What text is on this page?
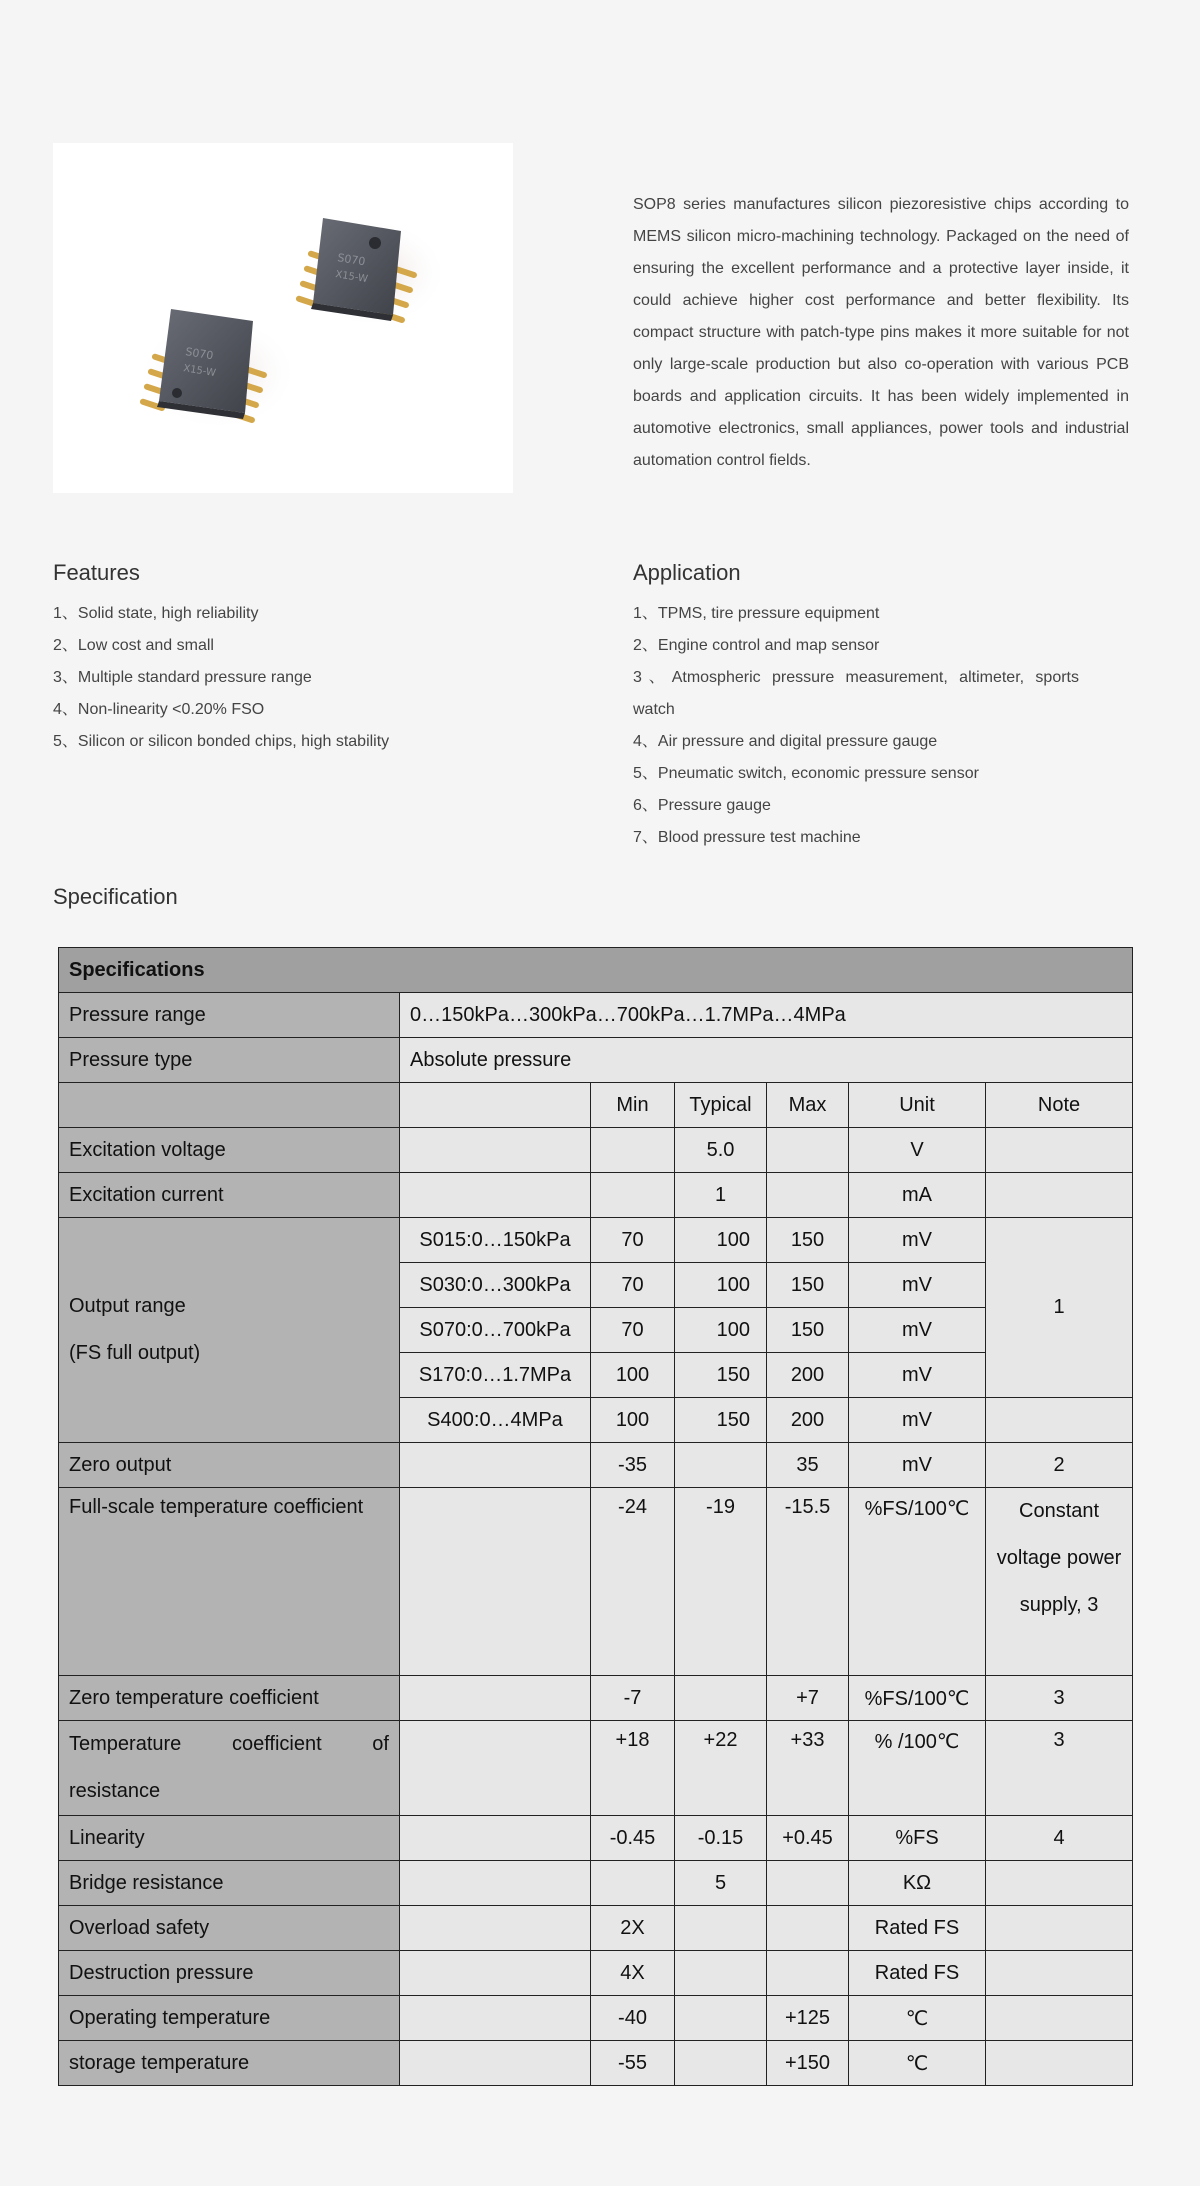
S070
X15-W
S070
X15-W

SOP8 series manufactures silicon piezoresistive chips according to MEMS silicon micro-machining technology. Packaged on the need of ensuring the excellent performance and a protective layer inside, it could achieve higher cost performance and better flexibility. Its compact structure with patch-type pins makes it more suitable for not only large-scale production but also co-operation with various PCB boards and application circuits. It has been widely implemented in automotive electronics, small appliances, power tools and industrial automation control fields.

Features
1、Solid state, high reliability
2、Low cost and small
3、Multiple standard pressure range
4、Non-linearity <0.20% FSO
5、Silicon or silicon bonded chips, high stability
Application
1、TPMS, tire pressure equipment
2、Engine control and map sensor
3、Atmospheric pressure measurement, altimeter, sports watch
4、Air pressure and digital pressure gauge
5、Pneumatic switch, economic pressure sensor
6、Pressure gauge
7、Blood pressure test machine
Specification
Specifications						
Pressure range	0…150kPa…300kPa…700kPa…1.7MPa…4MPa					
Pressure type	Absolute pressure					
		Min	Typical	Max	Unit	Note
Excitation voltage			5.0		V	
Excitation current			1		mA	

Output range
(FS full output)	S015:0…150kPa	70	100	150	mV	1
	S030:0…300kPa	70	100	150	mV	
	S070:0…700kPa	70	100	150	mV	
	S170:0…1.7MPa	100	150	200	mV	
	S400:0…4MPa	100	150	200	mV	
Zero output		-35		35	mV	2
Full-scale temperature coefficient		-24	-19	-15.5	%FS/100℃	Constant voltage power supply, 3
Zero temperature coefficient		-7		+7	%FS/100℃	3
Temperature coefficient of resistance		+18	+22	+33	% /100℃	3
Linearity		-0.45	-0.15	+0.45	%FS	4
Bridge resistance			5		KΩ	
Overload safety		2X			Rated FS	
Destruction pressure		4X			Rated FS	
Operating temperature		-40		+125	℃	
storage temperature		-55		+150	℃	
